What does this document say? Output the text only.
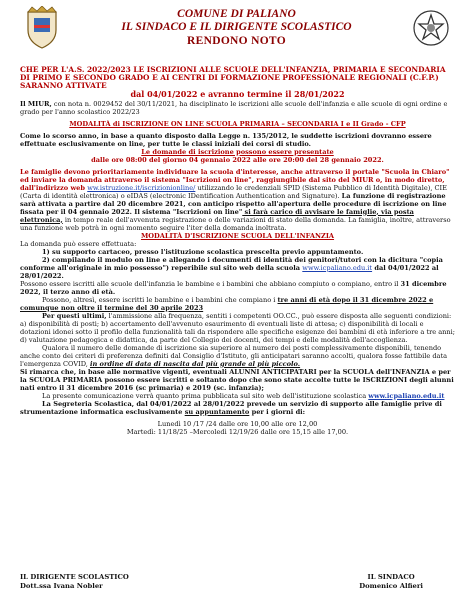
COMUNE DI PALIANO
IL SINDACO E IL DIRIGENTE SCOLASTICO
RENDONO NOTO

CHE PER L'A.S. 2022/2023 LE ISCRIZIONI ALLE SCUOLE DELL'INFANZIA, PRIMARIA E SECONDARIA DI PRIMO E SECONDO GRADO E AI CENTRI DI FORMAZIONE PROFESSIONALE REGIONALI (C.F.P.) SARANNO ATTIVATE

dal 04/01/2022 e avranno termine il 28/01/2022

Il MIUR, con nota n. 0029452 del 30/11/2021, ha disciplinato le iscrizioni alle scuole dell'infanzia e alle scuole di ogni ordine e grado per l'anno scolastico 2022/23

MODALITÀ di ISCRIZIONE ON LINE SCUOLA PRIMARIA – SECONDARIA I e II Grado - CFP

Come lo scorso anno, in base a quanto disposto dalla Legge n. 135/2012, le suddette iscrizioni dovranno essere effettuate esclusivamente on line, per tutte le classi iniziali dei corsi di studio.

Le domande di iscrizione possono essere presentate

dalle ore 08:00 del giorno 04 gennaio 2022 alle ore 20:00 del 28 gennaio 2022.

Le famiglie devono prioritariamente individuare la scuola d'interesse, anche attraverso il portale "Scuola in Chiaro" ed inviare la domanda attraverso il sistema "Iscrizioni on line", raggiungibile dal sito del MIUR o, in modo diretto, dall'indirizzo web ww.istruzione.it/iscrizionionline/ utilizzando le credenziali SPID (Sistema Pubblico di Identità Digitale), CIE (Carta di identità elettronica) o eIDAS (electronic IDentification Authentication and Signature). La funzione di registrazione sarà attivata a partire dal 20 dicembre 2021, con anticipo rispetto all'apertura delle procedure di iscrizione on line fissata per il 04 gennaio 2022. Il sistema "Iscrizioni on line" si farà carico di avvisare le famiglie, via posta elettronica, in tempo reale dell'avvenuta registrazione o delle variazioni di stato della domanda. La famiglia, inoltre, attraverso una funzione web potrà in ogni momento seguire l'iter della domanda inoltrata.

MODALITÀ D'ISCRIZIONE SCUOLA DELL'INFANZIA

La domanda può essere effettuata:

1) su supporto cartaceo, presso l'istituzione scolastica prescelta previo appuntamento.

2) compilando il modulo on line e allegando i documenti di identità dei genitori/tutori con la dicitura "copia conforme all'originale in mio possesso") reperibile sul sito web della scuola www.icpaliano.edu.it dal 04/01/2022 al 28/01/2022.

Possono essere iscritti alle scuole dell'infanzia le bambine e i bambini che abbiano compiuto o compiano, entro il 31 dicembre 2022, il terzo anno di età.

Possono, altresì, essere iscritti le bambine e i bambini che compiano i tre anni di età dopo il 31 dicembre 2022 e comunque non oltre il termine del 30 aprile 2023

Per questi ultimi, l'ammissione alla frequenza, sentiti i competenti OO.CC., può essere disposta alle seguenti condizioni: a) disponibilità di posti; b) accertamento dell'avvenuto esaurimento di eventuali liste di attesa; c) disponibilità di locali e dotazioni idonei sotto il profilo della funzionalità tali da rispondere alle specifiche esigenze dei bambini di età inferiore a tre anni; d) valutazione pedagogica e didattica, da parte del Collegio dei docenti, dei tempi e delle modalità dell'accoglienza.

Qualora il numero delle domande di iscrizione sia superiore al numero dei posti complessivamente disponibili, tenendo anche conto dei criteri di preferenza definiti dal Consiglio d'Istituto, gli anticipatari saranno accolti, qualora fosse fattibile data l'emergenza COVID, in ordine di data di nascita dal più grande al più piccolo.

Si rimarca che, in base alle normative vigenti, eventuali ALUNNI ANTICIPATARI per la SCUOLA dell'INFANZIA e per la SCUOLA PRIMARIA possono essere iscritti e soltanto dopo che sono state accolte tutte le ISCRIZIONI degli alunni nati entro il 31 dicembre 2016 (sc primaria) e 2019 (sc. infanzia);

La presente comunicazione verrà quanto prima pubblicata sul sito web dell'istituzione scolastica www.icpaliano.edu.it

La Segreteria Scolastica, dal 04/01/2022 al 28/01/2022 prevede un servizio di supporto alle famiglie prive di strumentazione informatica esclusivamente su appuntamento per i giorni di:

Lunedì 10 /17 /24 dalle ore 10,00 alle ore 12,00

Martedì: 11/18/25 –Mercoledì 12/19/26 dalle ore 15,15 alle 17,00.

IL DIRIGENTE SCOLASTICO
Dott.ssa Ivana Nobler
IL SINDACO
Domenico Alfieri
